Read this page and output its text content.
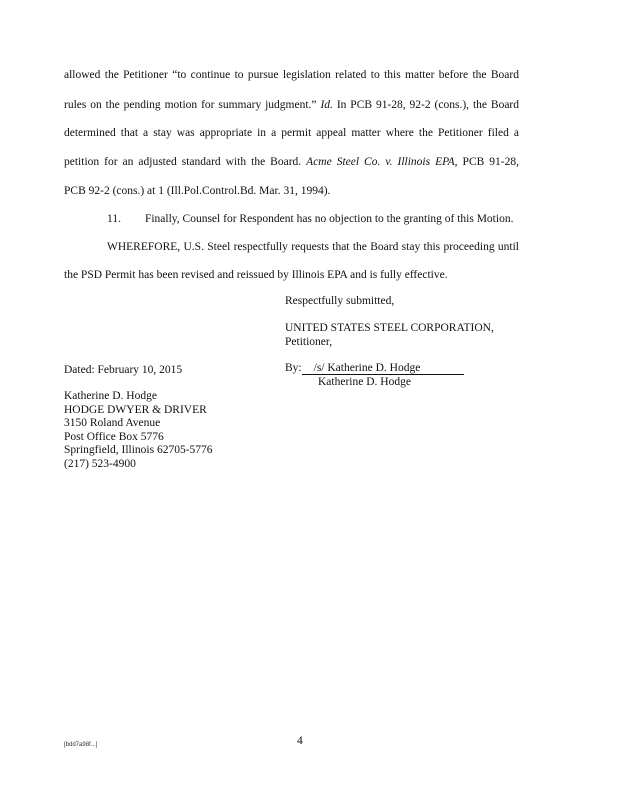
allowed the Petitioner “to continue to pursue legislation related to this matter before the Board
rules on the pending motion for summary judgment.” Id. In PCB 91-28, 92-2 (cons.), the Board
determined that a stay was appropriate in a permit appeal matter where the Petitioner filed a
petition for an adjusted standard with the Board. Acme Steel Co. v. Illinois EPA, PCB 91-28,
PCB 92-2 (cons.) at 1 (Ill.Pol.Control.Bd. Mar. 31, 1994).
11. Finally, Counsel for Respondent has no objection to the granting of this Motion.
WHEREFORE, U.S. Steel respectfully requests that the Board stay this proceeding until
the PSD Permit has been revised and reissued by Illinois EPA and is fully effective.
Respectfully submitted,
UNITED STATES STEEL CORPORATION,
Petitioner,
Dated: February 10, 2015	By: /s/ Katherine D. Hodge
Katherine D. Hodge
Katherine D. Hodge
HODGE DWYER & DRIVER
3150 Roland Avenue
Post Office Box 5776
Springfield, Illinois 62705-5776
(217) 523-4900
[bdd7a98f...]	4
